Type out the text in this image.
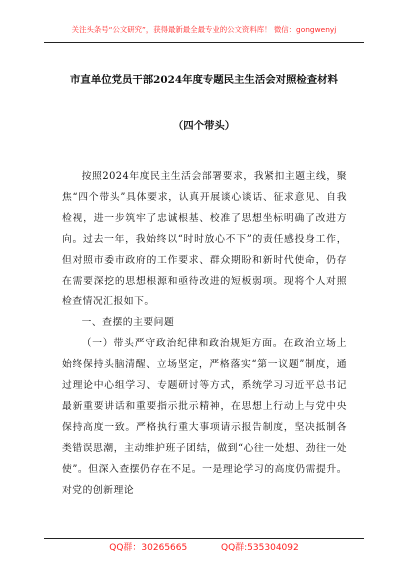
关注头条号“公文研究”，获得最新最全最专业的公文资料库！ 微信：gongwenyj
市直单位党员干部2024年度专题民主生活会对照检查材料
（四个带头）

按照2024年度民主生活会部署要求，我紧扣主题主线，聚焦“四个带头”具体要求，认真开展谈心谈话、征求意见、自我检视，进一步筑牢了忠诚根基、校准了思想坐标明确了改进方向。过去一年，我始终以“时时放心不下”的责任感投身工作，但对照市委市政府的工作要求、群众期盼和新时代使命，仍存在需要深挖的思想根源和亟待改进的短板弱项。现将个人对照检查情况汇报如下。

一、查摆的主要问题

（一）带头严守政治纪律和政治规矩方面。在政治立场上始终保持头脑清醒、立场坚定，严格落实“第一议题”制度，通过理论中心组学习、专题研讨等方式，系统学习习近平总书记最新重要讲话和重要指示批示精神，在思想上行动上与党中央保持高度一致。严格执行重大事项请示报告制度，坚决抵制各类错误思潮，主动维护班子团结，做到“心往一处想、劲往一处使”。但深入查摆仍存在不足。一是理论学习的高度仍需提升。对党的创新理论

QQ群：30265665	QQ群:535304092
